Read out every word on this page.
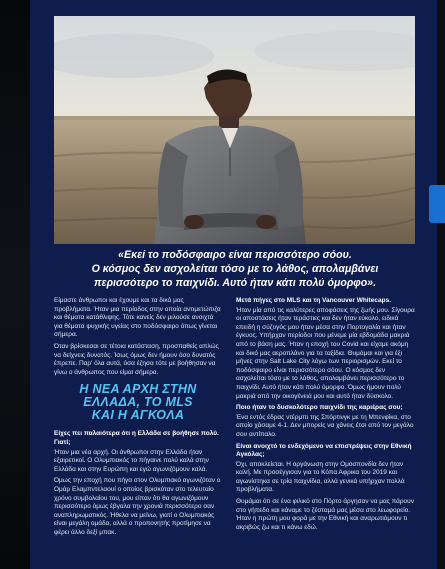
«Εκεί το ποδόσφαιρο είναι περισσότερο σόου.
Ο κόσμος δεν ασχολείται τόσο με το λάθος, απολαμβάνει
περισσότερο το παιχνίδι. Αυτό ήταν κάτι πολύ όμορφο».

Είμαστε άνθρωποι και έχουμε και τα δικά μας προβλήματα. Ήταν μια περίοδος στην οποία αντιμετώπιζα και θέματα κατάθλιψης. Τότε κανείς δεν μιλούσε ανοιχτά για θέματα ψυχικής υγείας στο ποδόσφαιρο όπως γίνεται σήμερα.

Όταν βρίσκεσαι σε τέτοια κατάσταση, προσπαθείς απλώς να δείχνεις δυνατός. Ίσως όμως δεν ήμουν όσο δυνατός έπρεπε. Παρ' όλα αυτά, όσα έζησα τότε με βοήθησαν να γίνω ο άνθρωπος που είμαι σήμερα.

Η ΝΕΑ ΑΡΧΗ ΣΤΗΝ
ΕΛΛΑΔΑ, ΤΟ MLS
ΚΑΙ Η ΑΓΚΟΛΑ

Είχες πει παλαιότερα ότι η Ελλάδα σε βοήθησε πολύ. Γιατί;

Ήταν μια νέα αρχή. Οι άνθρωποι στην Ελλάδα ήταν εξαιρετικοί. Ο Ολυμπιακός το πήγαινε πολύ καλά στην Ελλάδα και στην Ευρώπη και εγώ αγωνιζόμουν καλά.

Όμως την εποχή που πήγα στον Ολυμπιακό αγωνιζόταν ο Ομάρ Ελαμπντελαουί ο οποίος βρισκόταν στο τελευταίο χρόνο συμβολαίου του, μου είπαν ότι θα αγωνιζόμουν περισσότερο όμως έβγαλα την χρονιά περισσότερο σαν αναπληρωματικός. Ήθελα να μείνω, γιατί ο Ολυμπιακός είναι μεγάλη ομάδα, αλλά ο προπονητής προτίμησε να φέρει άλλο δεξί μπακ.

Μετά πήγες στο MLS και τη Vancouver Whitecaps.

Ήταν μία από τις καλύτερες αποφάσεις της ζωής μου. Σίγουρα οι αποστάσεις ήταν τεράστιες και δεν ήταν εύκολο, ειδικά επειδή η σύζυγός μου ήταν μέσα στην Πορτογαλία και ήταν έγκυος. Υπήρχαν περίοδοι που μένεμε μία εβδομάδα μακριά από το βάση μας. Ήταν η εποχή του Covid και είχαμε ακόμη και δικό μας αεροπλάνο για τα ταξίδια. Θυμάμαι και για έξι μήνες στην Salt Lake City λόγω των περιορισμών. Εκεί το ποδόσφαιρο είναι περισσότερο σόου. Ο κόσμος δεν ασχολείται τόσο με το λάθος, απολαμβάνει περισσότερο το παιχνίδι. Αυτό ήταν κάτι πολύ όμορφο. Όμως ήμουν πολύ μακριά από την οικογένειά μου και αυτό ήταν δύσκολο.

Ποιο ήταν το δυσκολότερο παιχνίδι της καριέρας σου;

Ένα εντός έδρας ντέρμπι της Σπόρτινγκ με τη Μπενφίκα, στο οποίο χάσαμε 4-1. Δεν μπορείς να χάνεις έτσι από τον μεγάλο σου αντίπαλο.

Είναι ανοιχτό το ενδεχόμενο να επιστρέψεις στην Εθνική Αγκόλας;

Όχι, αποκλείεται. Η οργάνωση στην Ομοσπονδία δεν ήταν καλή. Με προσέγγισαν για το Κόπα Αφρικα του 2019 και αγωνίστηκα σε τρία παιχνίδια, αλλά γενικά υπήρχαν πολλά προβλήματα.

Θυμάμαι ότι σε ένα φιλικό στο Πόρτο άργησαν να μας πάρουν στο γήπεδο και κάναμε το ζέσταμά μας μέσα στο λεωφορείο. Ήταν η πρώτη μου φορά με την Εθνική και αναρωτιόμουν τι ακριβώς ζω και τι κάνω εδώ.
